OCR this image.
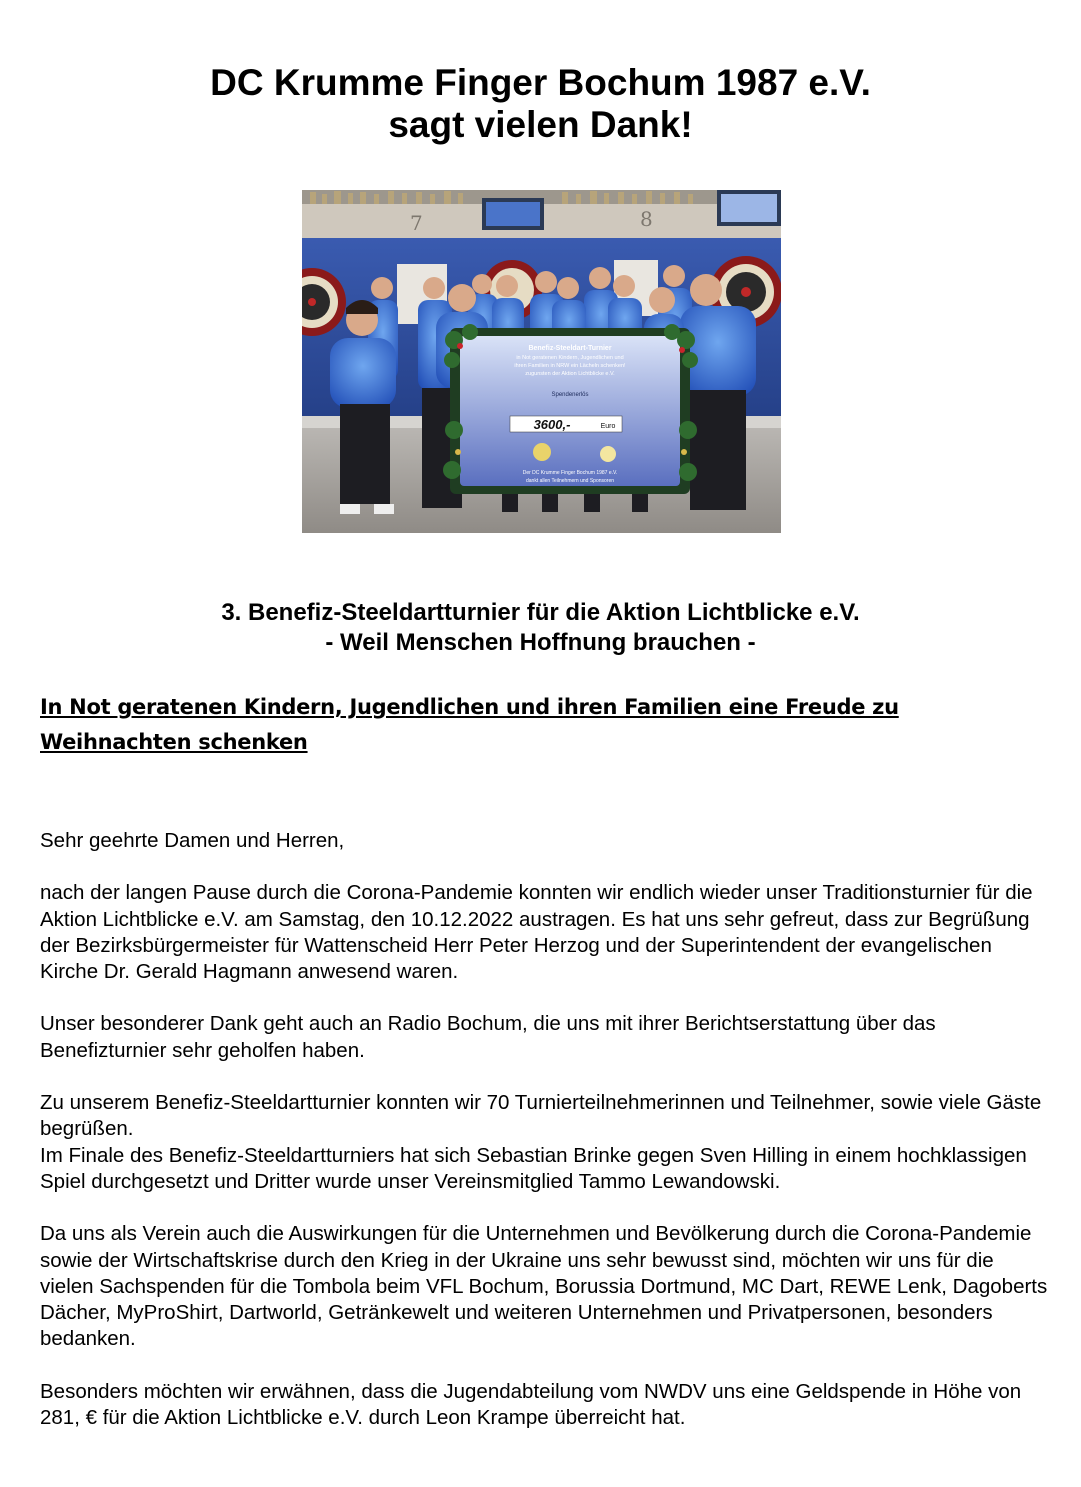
DC Krumme Finger Bochum 1987 e.V.
sagt vielen Dank!
7	8
Benefiz-Steeldart-Turnier
in Not geratenen Kindern, Jugendlichen und
ihren Familien in NRW ein Lächeln schenken!
zugunsten der Aktion Lichtblicke e.V.
Spendenerlös
3600,-	Euro
Der DC Krumme Finger Bochum 1987 e.V.
dankt allen Teilnehmern und Sponsoren
3. Benefiz-Steeldartturnier für die Aktion Lichtblicke e.V.
- Weil Menschen Hoffnung brauchen -

In Not geratenen Kindern, Jugendlichen und ihren Familien eine Freude zu Weihnachten schenken

Sehr geehrte Damen und Herren,

nach der langen Pause durch die Corona-Pandemie konnten wir endlich wieder unser Traditionsturnier für die Aktion Lichtblicke e.V. am Samstag, den 10.12.2022 austragen. Es hat uns sehr gefreut, dass zur Begrüßung der Bezirksbürgermeister für Wattenscheid Herr Peter Herzog und der Superintendent der evangelischen Kirche Dr. Gerald Hagmann anwesend waren.

Unser besonderer Dank geht auch an Radio Bochum, die uns mit ihrer Berichtserstattung über das Benefizturnier sehr geholfen haben.

Zu unserem Benefiz-Steeldartturnier konnten wir 70 Turnierteilnehmerinnen und Teilnehmer, sowie viele Gäste begrüßen.
Im Finale des Benefiz-Steeldartturniers hat sich Sebastian Brinke gegen Sven Hilling in einem hochklassigen Spiel durchgesetzt und Dritter wurde unser Vereinsmitglied Tammo Lewandowski.

Da uns als Verein auch die Auswirkungen für die Unternehmen und Bevölkerung durch die Corona-Pandemie sowie der Wirtschaftskrise durch den Krieg in der Ukraine uns sehr bewusst sind, möchten wir uns für die vielen Sachspenden für die Tombola beim VFL Bochum, Borussia Dortmund, MC Dart, REWE Lenk, Dagoberts Dächer, MyProShirt, Dartworld, Getränkewelt und weiteren Unternehmen und Privatpersonen, besonders bedanken.

Besonders möchten wir erwähnen, dass die Jugendabteilung vom NWDV uns eine Geldspende in Höhe von 281, € für die Aktion Lichtblicke e.V. durch Leon Krampe überreicht hat.
